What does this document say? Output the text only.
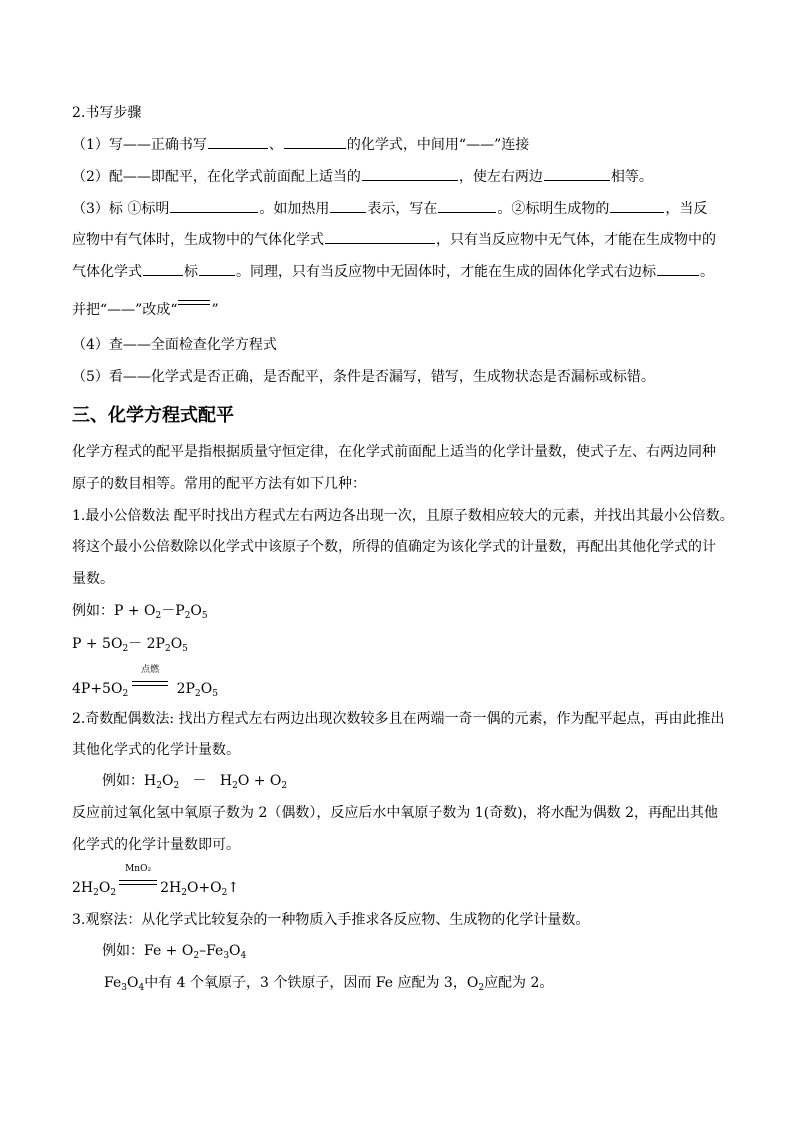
2.书写步骤
（1）写——正确书写	、	的化学式，中间用“——”连接
（2）配——即配平，在化学式前面配上适当的	，使左右两边	相等。
（3）标 ①标明	。如加热用	表示，写在	。②标明生成物的	，当反
应物中有气体时，生成物中的气体化学式	，只有当反应物中无气体，才能在生成物中的
气体化学式	标	。同理，只有当反应物中无固体时，才能在生成的固体化学式右边标	。
并把“——”改成“ ”
（4）查——全面检查化学方程式
（5）看——化学式是否正确，是否配平，条件是否漏写，错写，生成物状态是否漏标或标错。
三、化学方程式配平
化学方程式的配平是指根据质量守恒定律，在化学式前面配上适当的化学计量数，使式子左、右两边同种
原子的数目相等。常用的配平方法有如下几种：
1.最小公倍数法 配平时找出方程式左右两边各出现一次，且原子数相应较大的元素，并找出其最小公倍数。
将这个最小公倍数除以化学式中该原子个数，所得的值确定为该化学式的计量数，再配出其他化学式的计
量数。
例如：$P + O_2-P_2O_5$
$P + 5O_2- 2P_2O_5$
$4P+5O_2$
点燃
$2P_2O_5$
2.奇数配偶数法: 找出方程式左右两边出现次数较多且在两端一奇一偶的元素，作为配平起点，再由此推出
其他化学式的化学计量数。
例如：$H_2O_2 - H_2O + O_2$
反应前过氧化氢中氧原子数为 2（偶数），反应后水中氧原子数为 1(奇数)，将水配为偶数 2，再配出其他
化学式的化学计量数即可。
$2H_2O_2$
MnO₂
$2H_2O+O_2↑$
3.观察法：从化学式比较复杂的一种物质入手推求各反应物、生成物的化学计量数。
例如：$Fe + O_2-Fe_3O_4$
$Fe_3O_4$中有 4 个氧原子，3 个铁原子，因而 Fe 应配为 3，$O_2$应配为 2。
